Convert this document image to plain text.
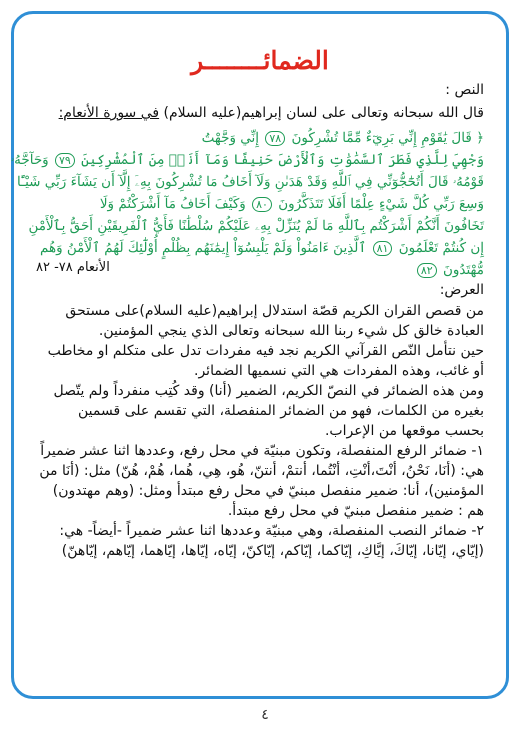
الضمائــــــــر
النص :

قال الله سبحانه وتعالى على لسان إبراهيم(عليه السلام) في سورة الأنعام:

﴿ قَالَ يَٰقَوْمِ إِنِّي بَرِيٓءٌ مِّمَّا تُشْرِكُونَ ٧٨ إِنِّي وَجَّهْتُ
وَجْهِيَ لِلَّذِي فَطَرَ ٱلسَّمَٰوَٰتِ وَٱلْأَرْضَ حَنِيفًا وَمَآ أَنَا۠ مِنَ ٱلْمُشْرِكِينَ ٧٩ وَحَآجَّهُۥ
قَوْمُهُۥ قَالَ أَتُحَٰٓجُّوٓنِّي فِي ٱللَّهِ وَقَدْ هَدَىٰنِ وَلَآ أَخَافُ مَا تُشْرِكُونَ بِهِۦٓ إِلَّآ أَن يَشَآءَ رَبِّي شَيْـًٔا
وَسِعَ رَبِّي كُلَّ شَيْءٍ عِلْمًا أَفَلَا تَتَذَكَّرُونَ ٨٠ وَكَيْفَ أَخَافُ مَآ أَشْرَكْتُمْ وَلَا
تَخَافُونَ أَنَّكُمْ أَشْرَكْتُم بِٱللَّهِ مَا لَمْ يُنَزِّلْ بِهِۦ عَلَيْكُمْ سُلْطَٰنًا فَأَيُّ ٱلْفَرِيقَيْنِ أَحَقُّ بِٱلْأَمْنِ
إِن كُنتُمْ تَعْلَمُونَ ٨١ ٱلَّذِينَ ءَامَنُواْ وَلَمْ يَلْبِسُوٓاْ إِيمَٰنَهُم بِظُلْمٍ أُوْلَٰٓئِكَ لَهُمُ ٱلْأَمْنُ وَهُم
مُّهْتَدُونَ ٨٢
الأنعام ٧٨- ٨٢
العرض:

من قصص القران الكريم قصّة استدلال إبراهيم(عليه السلام)على مستحق العبادة خالق كل شيء ربنا الله سبحانه وتعالى الذي ينجي المؤمنين.

حين نتأمل النّص القرآني الكريم نجد فيه مفردات تدل على متكلم او مخاطب أو غائب، وهذه المفردات هي التي نسميها الضمائر.

ومن هذه الضمائر في النصّ الكريم، الضمير (أنا) وقد كُتِب منفرداً ولم يتّصل بغيره من الكلمات، فهو من الضمائر المنفصلة، التي تقسم على قسمين بحسب موقعها من الإعراب.

١- ضمائر الرفع المنفصلة، وتكون مبنيّة في محل رفع، وعددها اثنا عشر ضميراً هي: (أنَا، نَحْنُ، أنْتَ،أنْتِ، أنْتُما، أنتمْ، أنتنّ، هُو، هِي، هُما، هُمْ، هُنّ) مثل: (أنَا من المؤمنين)، أنا: ضمير منفصل مبنيّ في محل رفع مبتدأ ومثل: (وهم مهتدون) هم : ضمير منفصل مبنيّ في محل رفع مبتدأ.

٢- ضمائر النصب المنفصلة، وهي مبنيّة وعددها اثنا عشر ضميراً -أيضاً- هي:(إيّاي، إيّانا، إيّاكَ، إيَّاكِ، إيّاكما، إيّاكم، إيّاكنّ، إيّاه، إيّاها، إيّاهما، إيّاهم، إيّاهنّ)

٤
